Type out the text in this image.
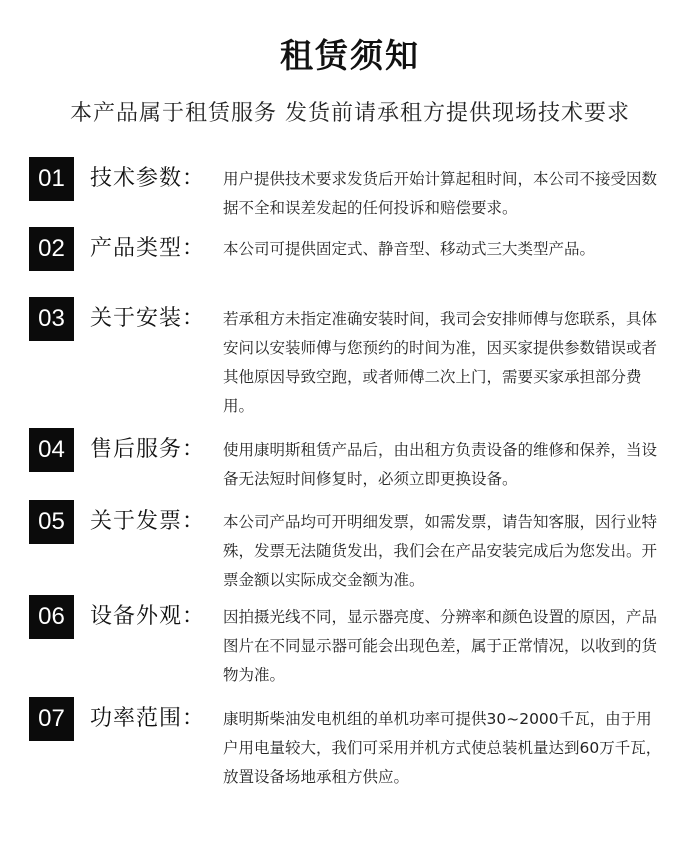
租赁须知
本产品属于租赁服务 发货前请承租方提供现场技术要求
01	技术参数： 用户提供技术要求发货后开始计算起租时间，本公司不接受因数据不全和误差发起的任何投诉和赔偿要求。

02	产品类型： 本公司可提供固定式、静音型、移动式三大类型产品。

03	关于安装： 若承租方未指定准确安装时间，我司会安排师傅与您联系，具体安问以安装师傅与您预约的时间为准，因买家提供参数错误或者其他原因导致空跑，或者师傅二次上门，需要买家承担部分费用。

04	售后服务： 使用康明斯租赁产品后，由出租方负责设备的维修和保养，当设备无法短时间修复时，必须立即更换设备。

05	关于发票： 本公司产品均可开明细发票，如需发票，请告知客服，因行业特殊，发票无法随货发出，我们会在产品安装完成后为您发出。开票金额以实际成交金额为准。

06	设备外观： 因拍摄光线不同，显示器亮度、分辨率和颜色设置的原因，产品图片在不同显示器可能会出现色差，属于正常情况，以收到的货物为准。

07	功率范围： 康明斯柴油发电机组的单机功率可提供30~2000千瓦，由于用户用电量较大，我们可采用并机方式使总装机量达到60万千瓦，放置设备场地承租方供应。
